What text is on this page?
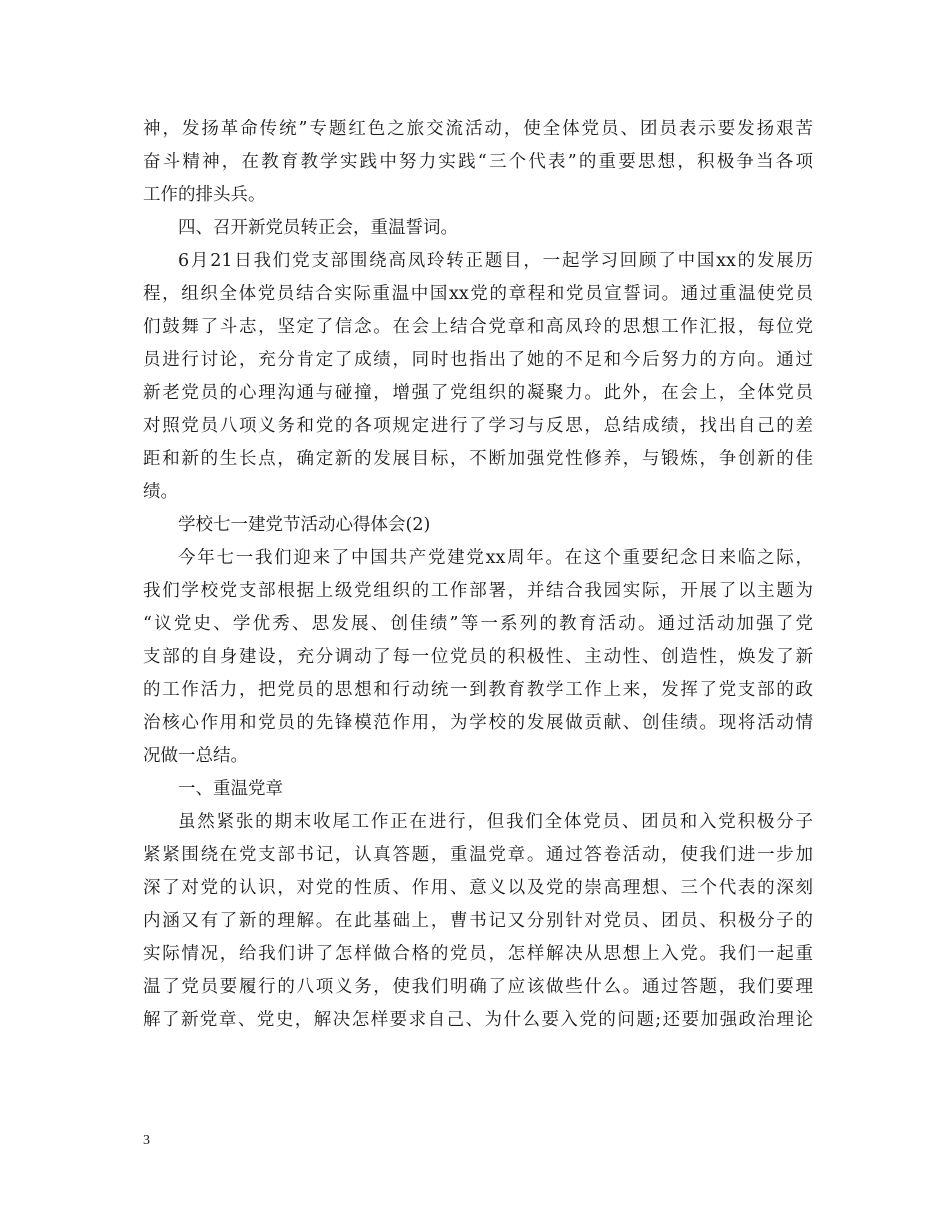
神，发扬革命传统”专题红色之旅交流活动，使全体党员、团员表示要发扬艰苦
奋斗精神，在教育教学实践中努力实践“三个代表”的重要思想，积极争当各项
工作的排头兵。
四、召开新党员转正会，重温誓词。
6月21日我们党支部围绕高凤玲转正题目，一起学习回顾了中国xx的发展历
程，组织全体党员结合实际重温中国xx党的章程和党员宣誓词。通过重温使党员
们鼓舞了斗志，坚定了信念。在会上结合党章和高凤玲的思想工作汇报，每位党
员进行讨论，充分肯定了成绩，同时也指出了她的不足和今后努力的方向。通过
新老党员的心理沟通与碰撞，增强了党组织的凝聚力。此外，在会上，全体党员
对照党员八项义务和党的各项规定进行了学习与反思，总结成绩，找出自己的差
距和新的生长点，确定新的发展目标，不断加强党性修养，与锻炼，争创新的佳
绩。
学校七一建党节活动心得体会(2)
今年七一我们迎来了中国共产党建党xx周年。在这个重要纪念日来临之际，
我们学校党支部根据上级党组织的工作部署，并结合我园实际，开展了以主题为
“议党史、学优秀、思发展、创佳绩”等一系列的教育活动。通过活动加强了党
支部的自身建设，充分调动了每一位党员的积极性、主动性、创造性，焕发了新
的工作活力，把党员的思想和行动统一到教育教学工作上来，发挥了党支部的政
治核心作用和党员的先锋模范作用，为学校的发展做贡献、创佳绩。现将活动情
况做一总结。
一、重温党章
虽然紧张的期末收尾工作正在进行，但我们全体党员、团员和入党积极分子
紧紧围绕在党支部书记，认真答题，重温党章。通过答卷活动，使我们进一步加
深了对党的认识，对党的性质、作用、意义以及党的崇高理想、三个代表的深刻
内涵又有了新的理解。在此基础上，曹书记又分别针对党员、团员、积极分子的
实际情况，给我们讲了怎样做合格的党员，怎样解决从思想上入党。我们一起重
温了党员要履行的八项义务，使我们明确了应该做些什么。通过答题，我们要理
解了新党章、党史，解决怎样要求自己、为什么要入党的问题;还要加强政治理论
3
